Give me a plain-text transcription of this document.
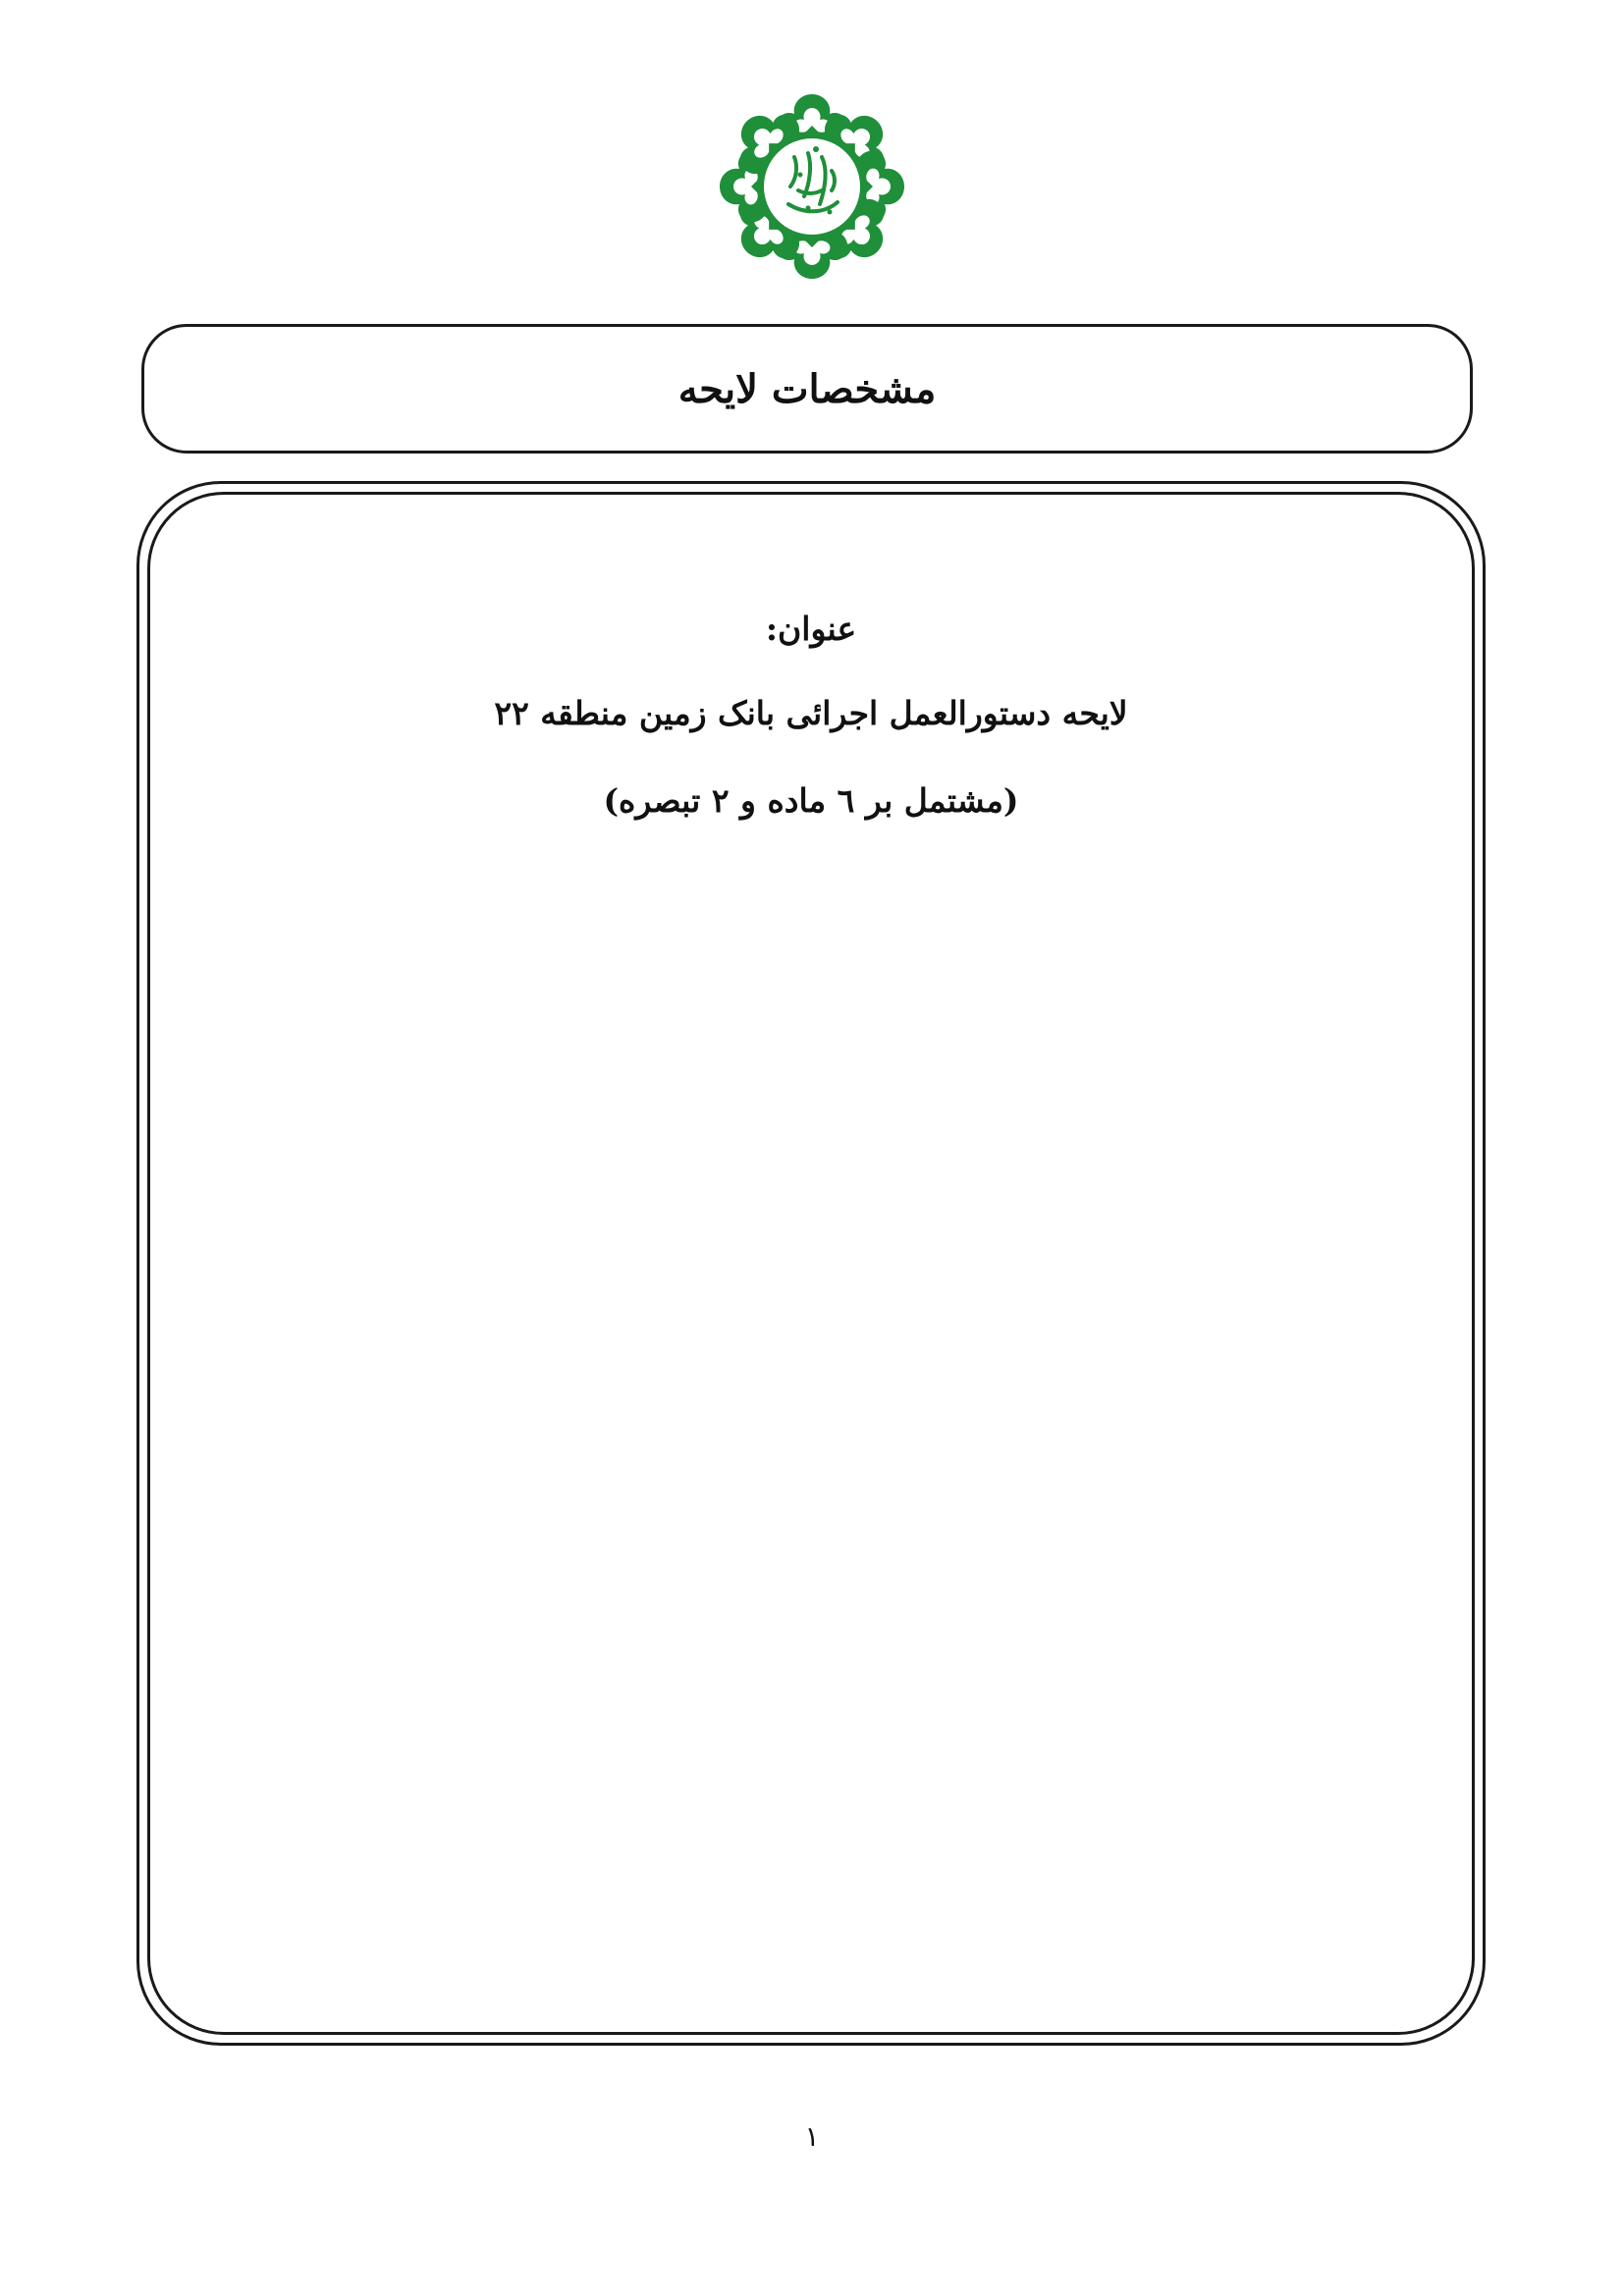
مشخصات لایحه

عنوان:

لایحه دستورالعمل اجرائی بانک زمین منطقه ۲۲

(مشتمل بر ٦ ماده و ۲ تبصره)

۱
